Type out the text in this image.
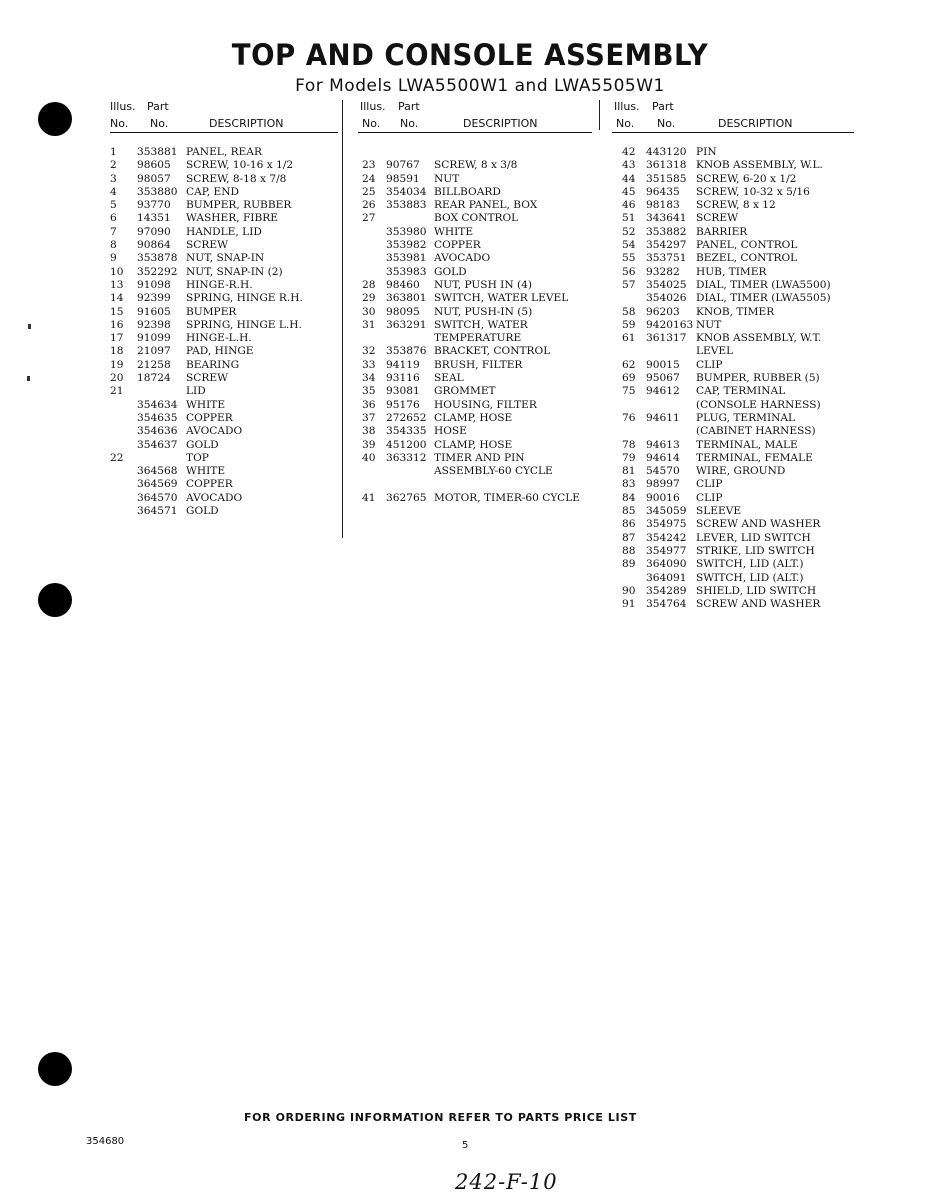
TOP AND CONSOLE ASSEMBLY
For Models LWA5500W1 and LWA5505W1
Illus. Part
No. No.	DESCRIPTION
1 353881 PANEL, REAR
2 98605 SCREW, 10-16 x 1/2
3 98057 SCREW, 8-18 x 7/8
4 353880 CAP, END
5 93770 BUMPER, RUBBER
6 14351 WASHER, FIBRE
7 97090 HANDLE, LID
8 90864 SCREW
9 353878 NUT, SNAP-IN
10 352292 NUT, SNAP-IN (2)
13 91098 HINGE-R.H.
14 92399 SPRING, HINGE R.H.
15 91605 BUMPER
16 92398 SPRING, HINGE L.H.
17 91099 HINGE-L.H.
18 21097 PAD, HINGE
19 21258 BEARING
20 18724 SCREW
21	LID
354634 WHITE
354635 COPPER
354636 AVOCADO
354637 GOLD
22	TOP
364568 WHITE
364569 COPPER
364570 AVOCADO
364571 GOLD
Illus. Part
No. No.	DESCRIPTION
23 90767 SCREW, 8 x 3/8
24 98591 NUT
25 354034 BILLBOARD
26 353883 REAR PANEL, BOX
27	BOX CONTROL
353980 WHITE
353982 COPPER
353981 AVOCADO
353983 GOLD
28 98460 NUT, PUSH IN (4)
29 363801 SWITCH, WATER LEVEL
30 98095 NUT, PUSH-IN (5)
31 363291 SWITCH, WATER
TEMPERATURE
32 353876 BRACKET, CONTROL
33 94119 BRUSH, FILTER
34 93116 SEAL
35 93081 GROMMET
36 95176 HOUSING, FILTER
37 272652 CLAMP, HOSE
38 354335 HOSE
39 451200 CLAMP, HOSE
40 363312 TIMER AND PIN
ASSEMBLY-60 CYCLE
41 362765 MOTOR, TIMER-60 CYCLE
Illus. Part
No. No.	DESCRIPTION
42 443120 PIN
43 361318 KNOB ASSEMBLY, W.L.
44 351585 SCREW, 6-20 x 1/2
45 96435 SCREW, 10-32 x 5/16
46 98183 SCREW, 8 x 12
51 343641 SCREW
52 353882 BARRIER
54 354297 PANEL, CONTROL
55 353751 BEZEL, CONTROL
56 93282 HUB, TIMER
57 354025 DIAL, TIMER (LWA5500)
354026 DIAL, TIMER (LWA5505)
58 96203 KNOB, TIMER
59 9420163 NUT
61 361317 KNOB ASSEMBLY, W.T.
LEVEL
62 90015 CLIP
69 95067 BUMPER, RUBBER (5)
75 94612 CAP, TERMINAL
(CONSOLE HARNESS)
76 94611 PLUG, TERMINAL
(CABINET HARNESS)
78 94613 TERMINAL, MALE
79 94614 TERMINAL, FEMALE
81 54570 WIRE, GROUND
83 98997 CLIP
84 90016 CLIP
85 345059 SLEEVE
86 354975 SCREW AND WASHER
87 354242 LEVER, LID SWITCH
88 354977 STRIKE, LID SWITCH
89 364090 SWITCH, LID (ALT.)
364091 SWITCH, LID (ALT.)
90 354289 SHIELD, LID SWITCH
91 354764 SCREW AND WASHER
FOR ORDERING INFORMATION REFER TO PARTS PRICE LIST
354680	5
242-F-10
